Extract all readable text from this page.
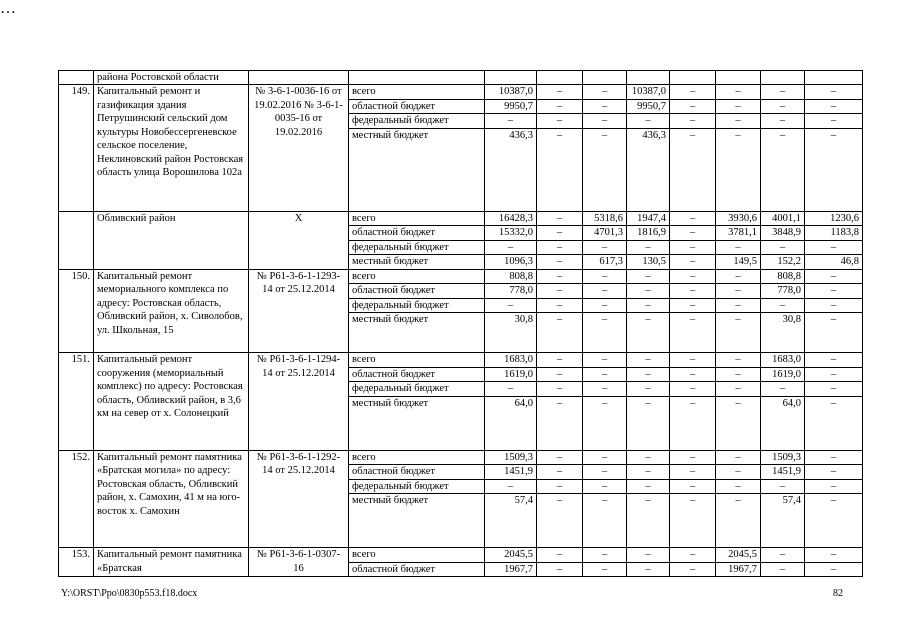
…

	района Ростовской области										
149.	Капитальный ремонт и газификация здания Петрушинский сельский дом культуры Новобессергеневское сельское поселение, Неклиновский район Ростовская область улица Ворошилова 102а	№ 3-6-1-0036-16 от 19.02.2016 № 3-6-1-0035-16 от 19.02.2016	всего	10387,0	–	–	10387,0	–	–	–	–
			областной бюджет	9950,7	–	–	9950,7	–	–	–	–
			федеральный бюджет	–	–	–	–	–	–	–	–
			местный бюджет	436,3	–	–	436,3	–	–	–	–
	Обливский район	Х	всего	16428,3	–	5318,6	1947,4	–	3930,6	4001,1	1230,6
			областной бюджет	15332,0	–	4701,3	1816,9	–	3781,1	3848,9	1183,8
			федеральный бюджет	–	–	–	–	–	–	–	–
			местный бюджет	1096,3	–	617,3	130,5	–	149,5	152,2	46,8
150.	Капитальный ремонт мемориального комплекса по адресу: Ростовская область, Обливский район, х. Сиволобов, ул. Школьная, 15	№ Р61-3-6-1-1293-14 от 25.12.2014	всего	808,8	–	–	–	–	–	808,8	–
			областной бюджет	778,0	–	–	–	–	–	778,0	–
			федеральный бюджет	–	–	–	–	–	–	–	–
			местный бюджет	30,8	–	–	–	–	–	30,8	–
151.	Капитальный ремонт сооружения (мемориальный комплекс) по адресу: Ростовская область, Обливский район, в 3,6 км на север от х. Солонецкий	№ Р61-3-6-1-1294-14 от 25.12.2014	всего	1683,0	–	–	–	–	–	1683,0	–
			областной бюджет	1619,0	–	–	–	–	–	1619,0	–
			федеральный бюджет	–	–	–	–	–	–	–	–
			местный бюджет	64,0	–	–	–	–	–	64,0	–
152.	Капитальный ремонт памятника «Братская могила» по адресу: Ростовская область, Обливский район, х. Самохин, 41 м на юго-восток х. Самохин	№ Р61-3-6-1-1292-14 от 25.12.2014	всего	1509,3	–	–	–	–	–	1509,3	–
			областной бюджет	1451,9	–	–	–	–	–	1451,9	–
			федеральный бюджет	–	–	–	–	–	–	–	–
			местный бюджет	57,4	–	–	–	–	–	57,4	–
153.	Капитальный ремонт памятника «Братская	№ Р61-3-6-1-0307-16	всего	2045,5	–	–	–	–	2045,5	–	–
			областной бюджет	1967,7	–	–	–	–	1967,7	–	–
Y:\ORST\Ppo\0830p553.f18.docx	82
